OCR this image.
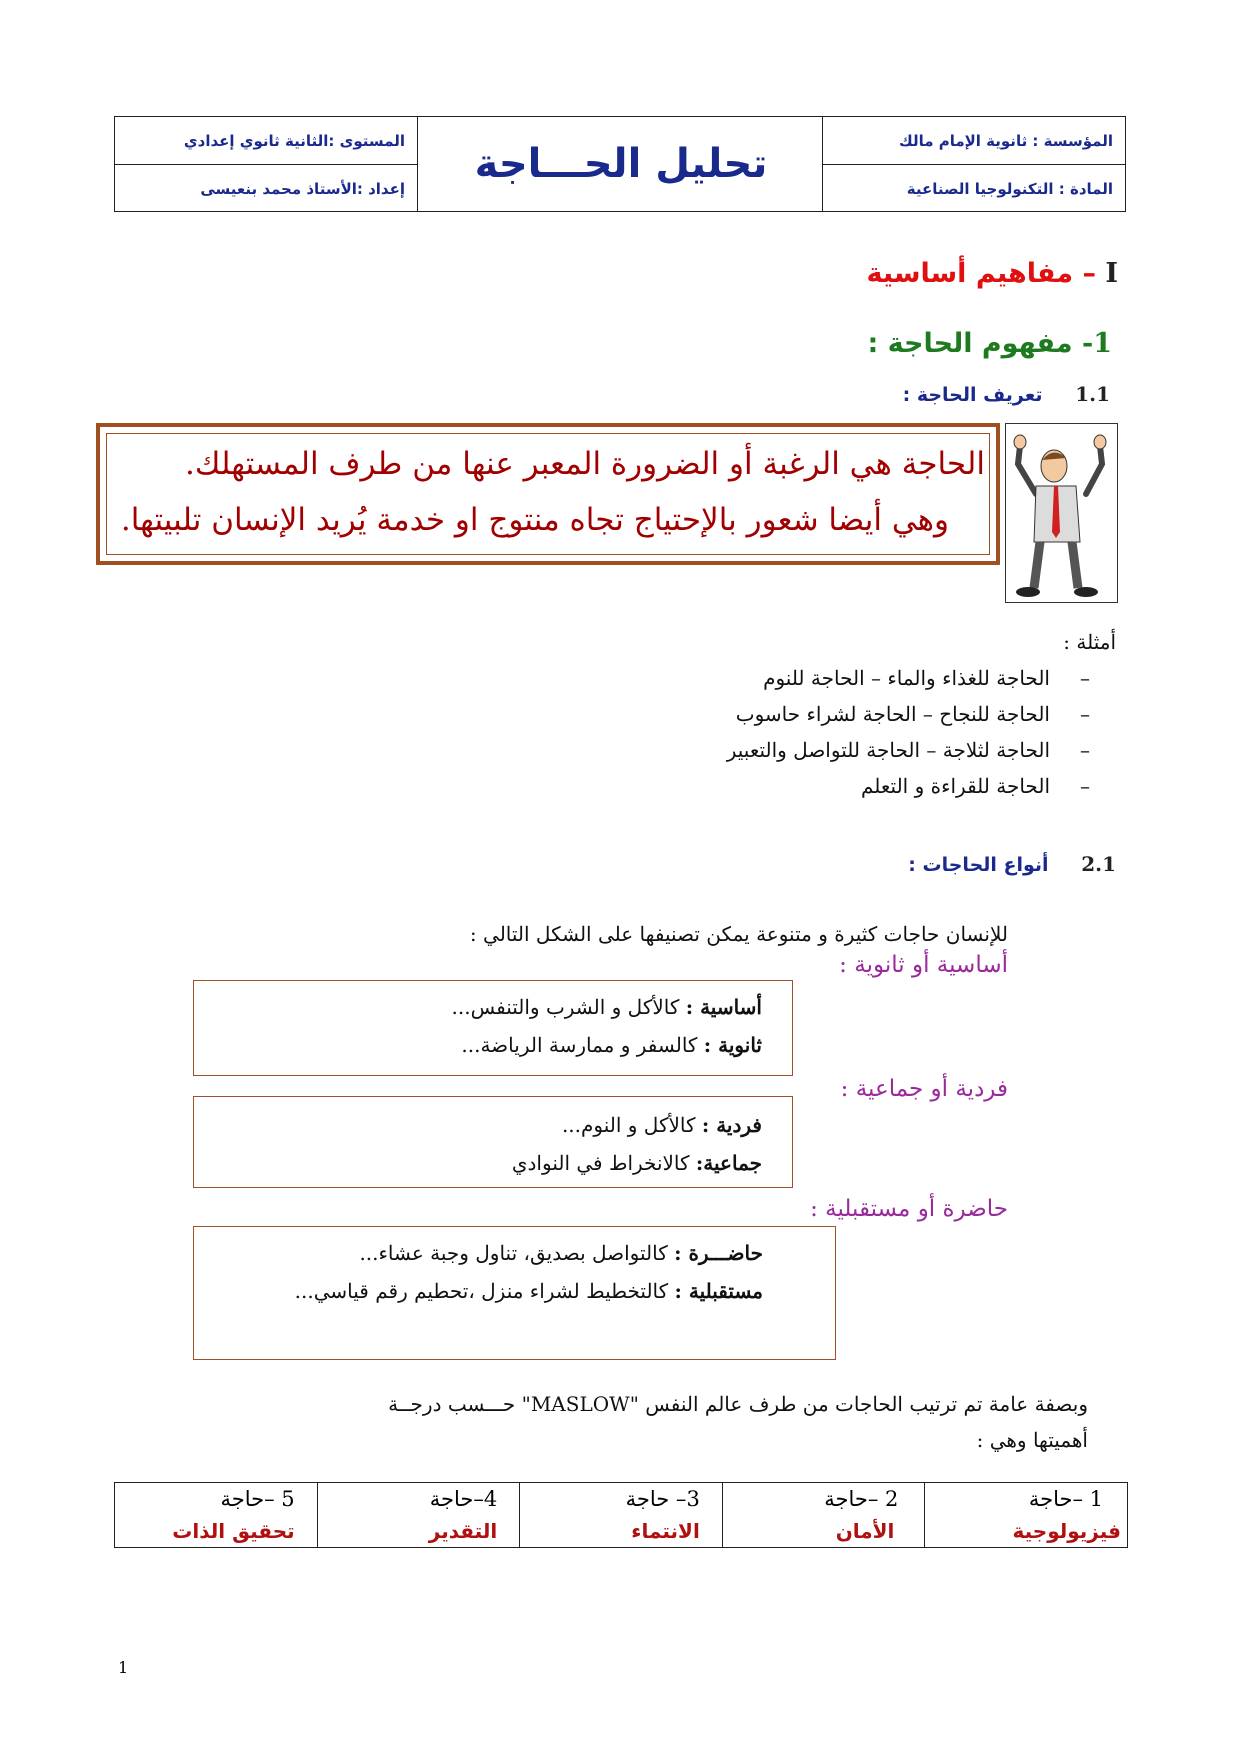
المؤسسة : ثانوية الإمام مالك
المادة : التكنولوجيا الصناعية
تحليل الحـــاجة
المستوى :الثانية ثانوي إعدادي
إعداد :الأستاذ محمد بنعيسى
I – مفاهيم أساسية
1- مفهوم الحاجة :
1.1 تعريف الحاجة :
الحاجة هي الرغبة أو الضرورة المعبر عنها من طرف المستهلك.
وهي أيضا شعور بالإحتياج تجاه منتوج او خدمة يُريد الإنسان تلبيتها.
أمثلة :
–الحاجة للغذاء والماء – الحاجة للنوم
–الحاجة للنجاح – الحاجة لشراء حاسوب
–الحاجة لثلاجة – الحاجة للتواصل والتعبير
–الحاجة للقراءة و التعلم
2.1 أنواع الحاجات :
للإنسان حاجات كثيرة و متنوعة يمكن تصنيفها على الشكل التالي :
أساسية أو ثانوية :
أساسية : كالأكل و الشرب والتنفس...
ثانوية : كالسفر و ممارسة الرياضة...
فردية أو جماعية :
فردية : كالأكل و النوم...
جماعية: كالانخراط في النوادي
حاضرة أو مستقبلية :
حاضـــرة : كالتواصل بصديق، تناول وجبة عشاء...
مستقبلية : كالتخطيط لشراء منزل ،تحطيم رقم قياسي...
وبصفة عامة تم ترتيب الحاجات من طرف عالم النفس "MASLOW" حـــسب درجــة
أهميتها وهي :
1 –حاجة
فيزيولوجية
2 –حاجة
الأمان
3– حاجة
الانتماء
4–حاجة
التقدير
5 –حاجة
تحقيق الذات
1
